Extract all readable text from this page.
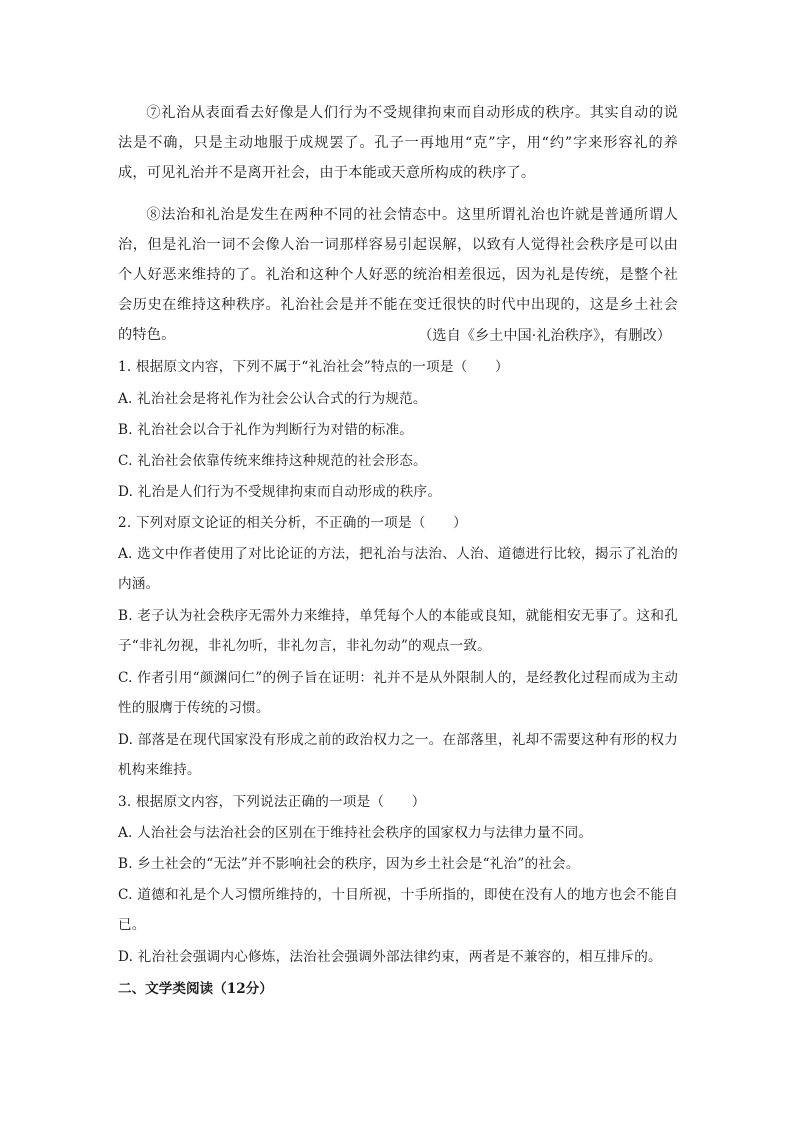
⑦礼治从表面看去好像是人们行为不受规律拘束而自动形成的秩序。其实自动的说法是不确，只是主动地服于成规罢了。孔子一再地用“克”字，用“约”字来形容礼的养成，可见礼治并不是离开社会，由于本能或天意所构成的秩序了。

⑧法治和礼治是发生在两种不同的社会情态中。这里所谓礼治也许就是普通所谓人治，但是礼治一词不会像人治一词那样容易引起误解，以致有人觉得社会秩序是可以由个人好恶来维持的了。礼治和这种个人好恶的统治相差很远，因为礼是传统，是整个社会历史在维持这种秩序。礼治社会是并不能在变迁很快的时代中出现的，这是乡土社会的特色。	（选自《乡土中国·礼治秩序》，有删改）

1. 根据原文内容，下列不属于“礼治社会”特点的一项是（　　）

A. 礼治社会是将礼作为社会公认合式的行为规范。

B. 礼治社会以合于礼作为判断行为对错的标准。

C. 礼治社会依靠传统来维持这种规范的社会形态。

D. 礼治是人们行为不受规律拘束而自动形成的秩序。

2. 下列对原文论证的相关分析，不正确的一项是（　　）

A. 选文中作者使用了对比论证的方法，把礼治与法治、人治、道德进行比较，揭示了礼治的内涵。

B. 老子认为社会秩序无需外力来维持，单凭每个人的本能或良知，就能相安无事了。这和孔子“非礼勿视，非礼勿听，非礼勿言，非礼勿动”的观点一致。

C. 作者引用“颜渊问仁”的例子旨在证明：礼并不是从外限制人的，是经教化过程而成为主动性的服膺于传统的习惯。

D. 部落是在现代国家没有形成之前的政治权力之一。在部落里，礼却不需要这种有形的权力机构来维持。

3. 根据原文内容，下列说法正确的一项是（　　）

A. 人治社会与法治社会的区别在于维持社会秩序的国家权力与法律力量不同。

B. 乡土社会的“无法”并不影响社会的秩序，因为乡土社会是“礼治”的社会。

C. 道德和礼是个人习惯所维持的，十目所视，十手所指的，即使在没有人的地方也会不能自已。

D. 礼治社会强调内心修炼，法治社会强调外部法律约束，两者是不兼容的，相互排斥的。

二、文学类阅读（12分）
